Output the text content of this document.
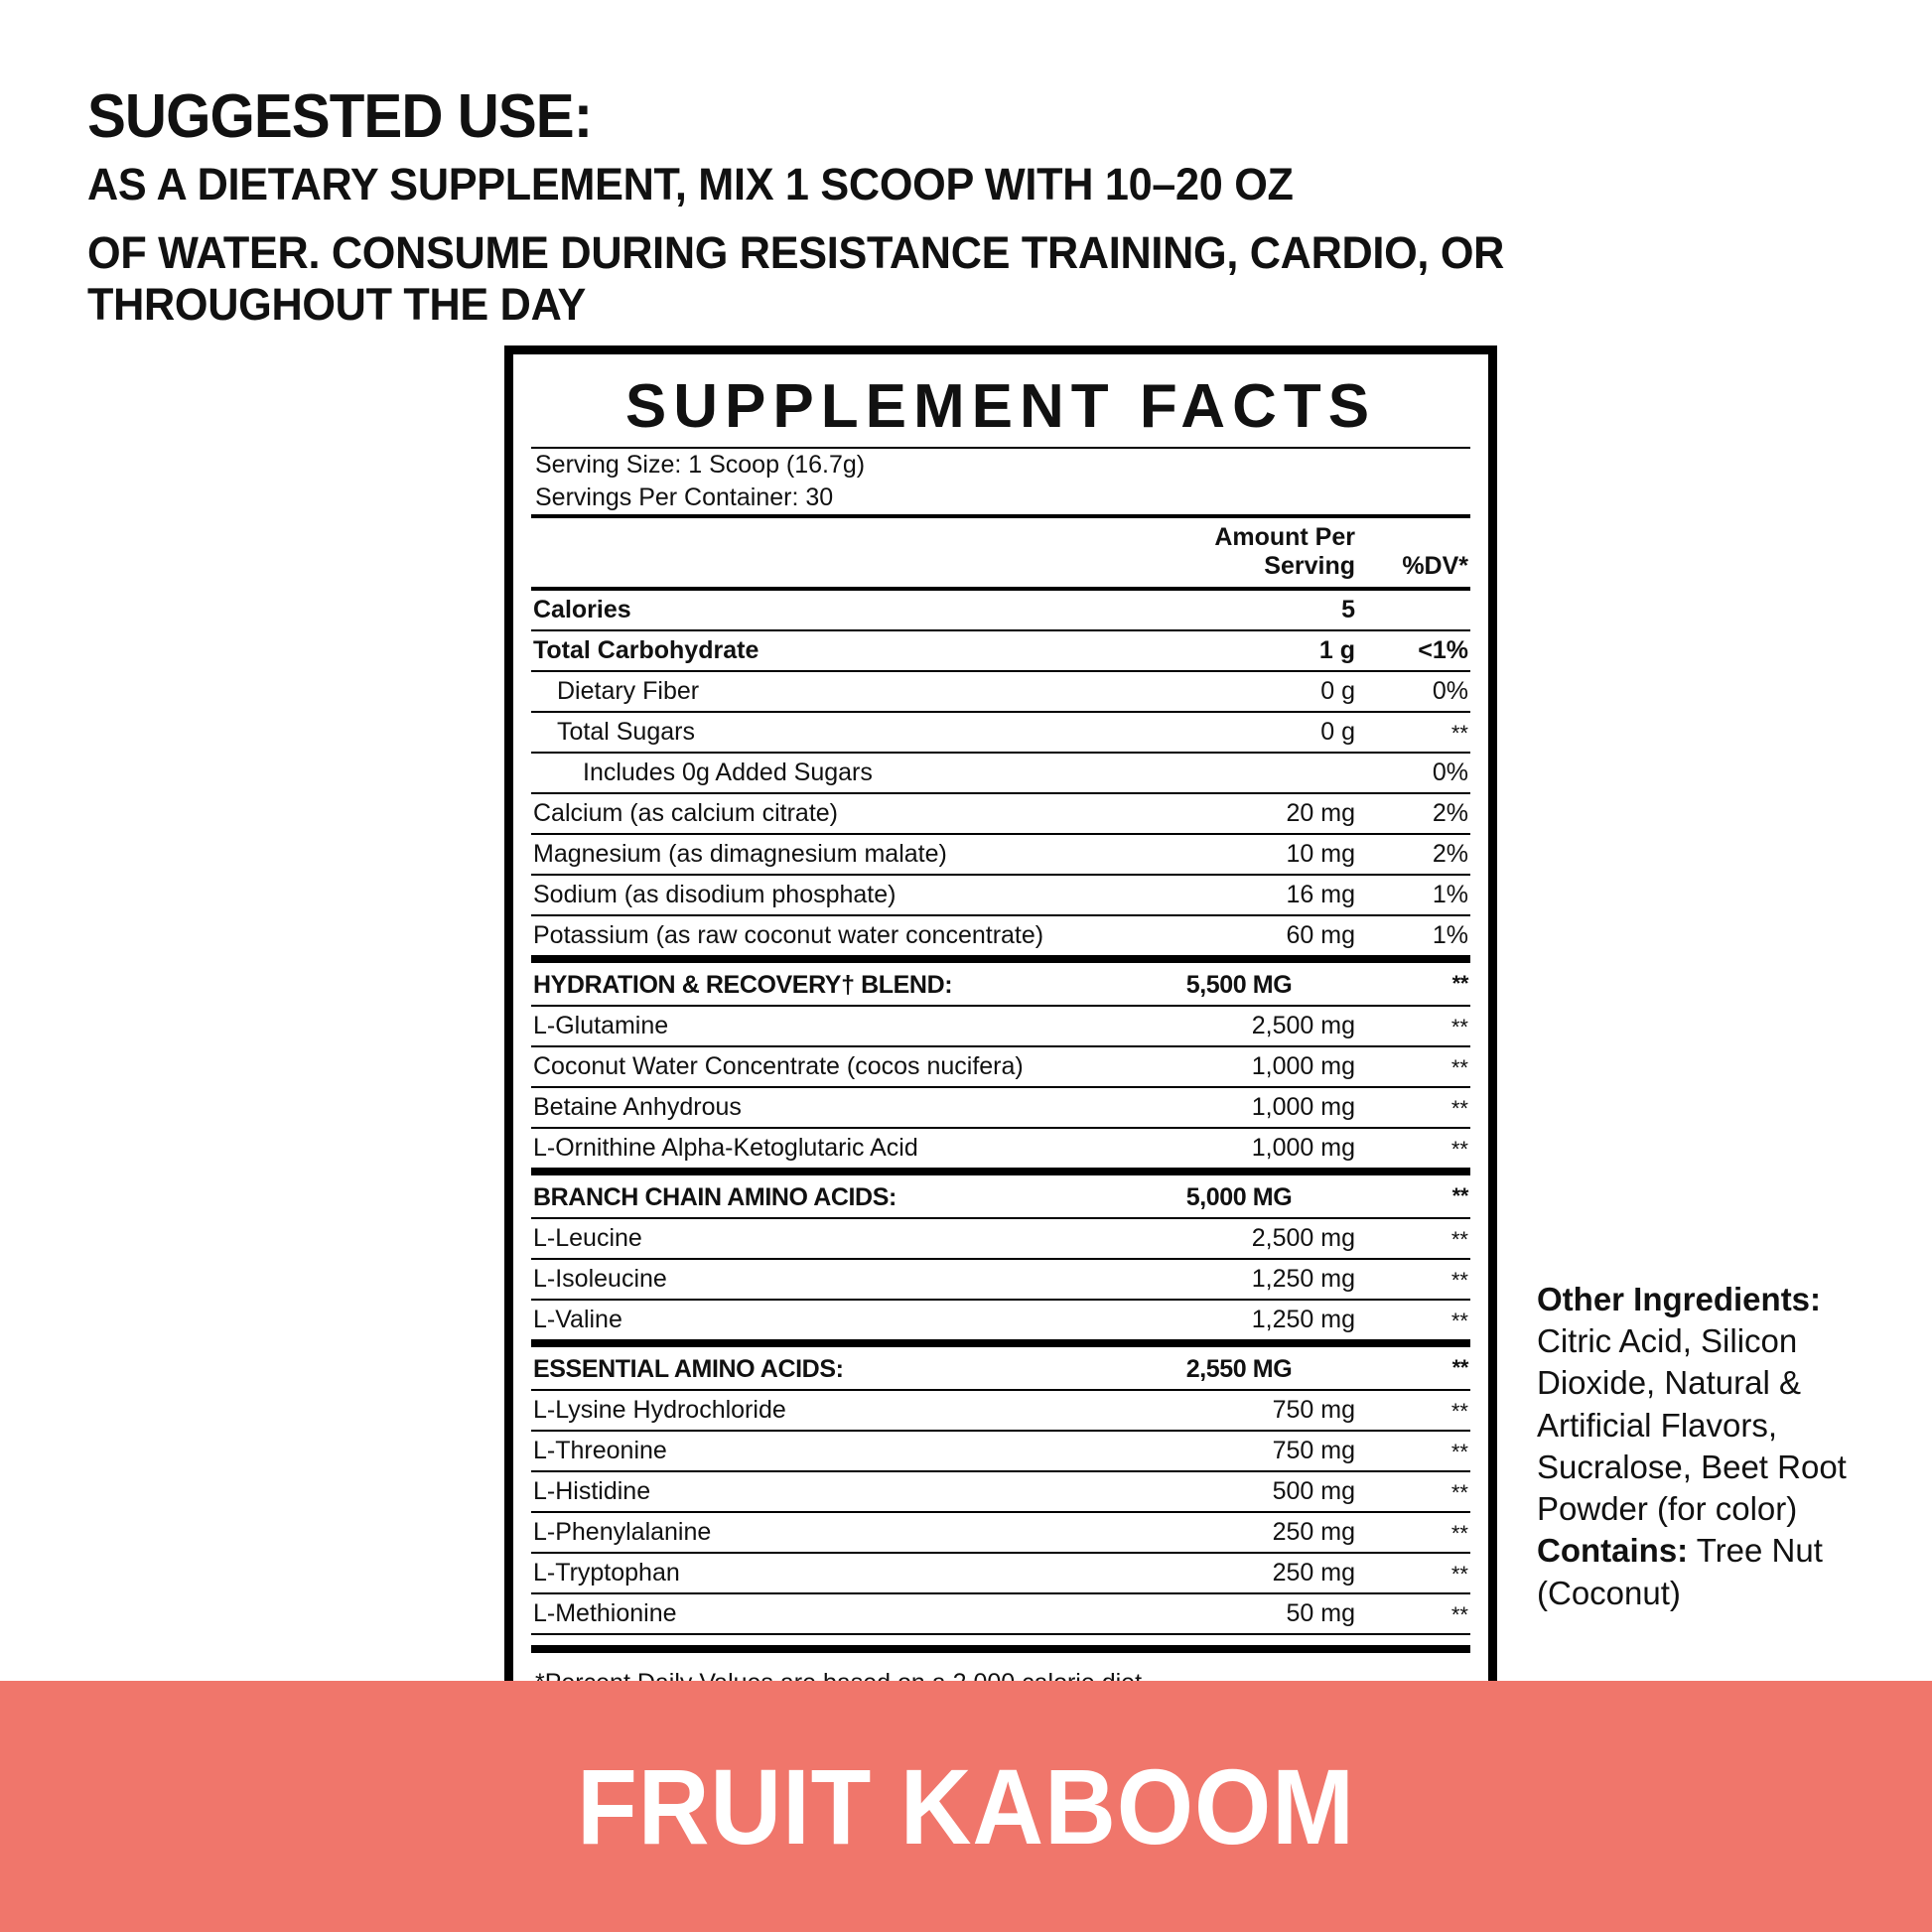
SUGGESTED USE: AS A DIETARY SUPPLEMENT, MIX 1 SCOOP WITH 10–20 OZ
OF WATER. CONSUME DURING RESISTANCE TRAINING, CARDIO, OR THROUGHOUT THE DAY
SUPPLEMENT FACTS
Serving Size: 1 Scoop (16.7g)
Servings Per Container: 30
	Amount Per Serving	%DV*
Calories	5	
Total Carbohydrate	1 g	<1%
Dietary Fiber	0 g	0%
Total Sugars	0 g	**
Includes 0g Added Sugars		0%
Calcium (as calcium citrate)	20 mg	2%
Magnesium (as dimagnesium malate)	10 mg	2%
Sodium (as disodium phosphate)	16 mg	1%
Potassium (as raw coconut water concentrate)	60 mg	1%
HYDRATION & RECOVERY† BLEND:	5,500 MG	**
L-Glutamine	2,500 mg	**
Coconut Water Concentrate (cocos nucifera)	1,000 mg	**
Betaine Anhydrous	1,000 mg	**
L-Ornithine Alpha-Ketoglutaric Acid	1,000 mg	**
BRANCH CHAIN AMINO ACIDS:	5,000 MG	**
L-Leucine	2,500 mg	**
L-Isoleucine	1,250 mg	**
L-Valine	1,250 mg	**
ESSENTIAL AMINO ACIDS:	2,550 MG	**
L-Lysine Hydrochloride	750 mg	**
L-Threonine	750 mg	**
L-Histidine	500 mg	**
L-Phenylalanine	250 mg	**
L-Tryptophan	250 mg	**
L-Methionine	50 mg	**
Other Ingredients: Citric Acid, Silicon Dioxide, Natural & Artificial Flavors, Sucralose, Beet Root Powder (for color) Contains: Tree Nut (Coconut)
FRUIT KABOOM
